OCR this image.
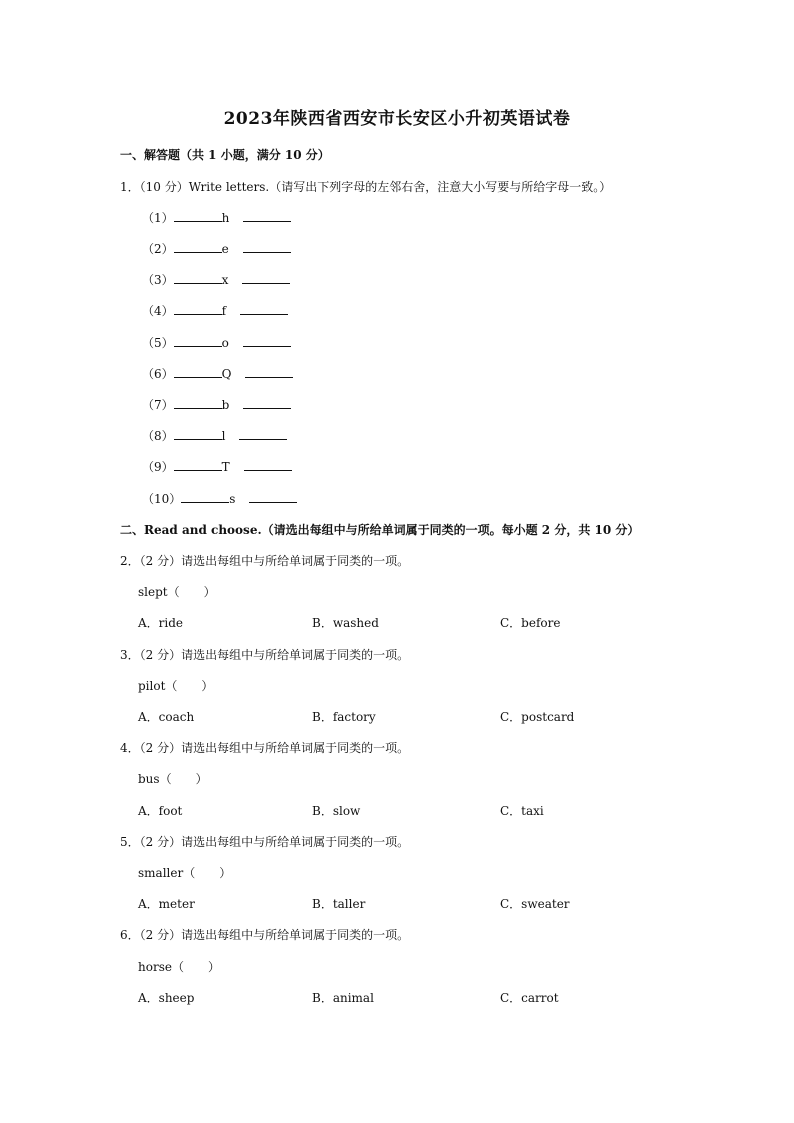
2023年陕西省西安市长安区小升初英语试卷
一、解答题（共 1 小题，满分 10 分）
1．（10 分）Write letters.（请写出下列字母的左邻右舍，注意大小写要与所给字母一致。）
（1）	h
（2）	e
（3）	x
（4）	f
（5）	o
（6）	Q
（7）	b
（8）	l
（9）	T
（10）	s
二、Read and choose.（请选出每组中与所给单词属于同类的一项。每小题 2 分，共 10 分）
2．（2 分）请选出每组中与所给单词属于同类的一项。
slept（　　）
A．ride	B．washed	C．before
3．（2 分）请选出每组中与所给单词属于同类的一项。
pilot（　　）
A．coach	B．factory	C．postcard
4．（2 分）请选出每组中与所给单词属于同类的一项。
bus（　　）
A．foot	B．slow	C．taxi
5．（2 分）请选出每组中与所给单词属于同类的一项。
smaller（　　）
A．meter	B．taller	C．sweater
6．（2 分）请选出每组中与所给单词属于同类的一项。
horse（　　）
A．sheep	B．animal	C．carrot
